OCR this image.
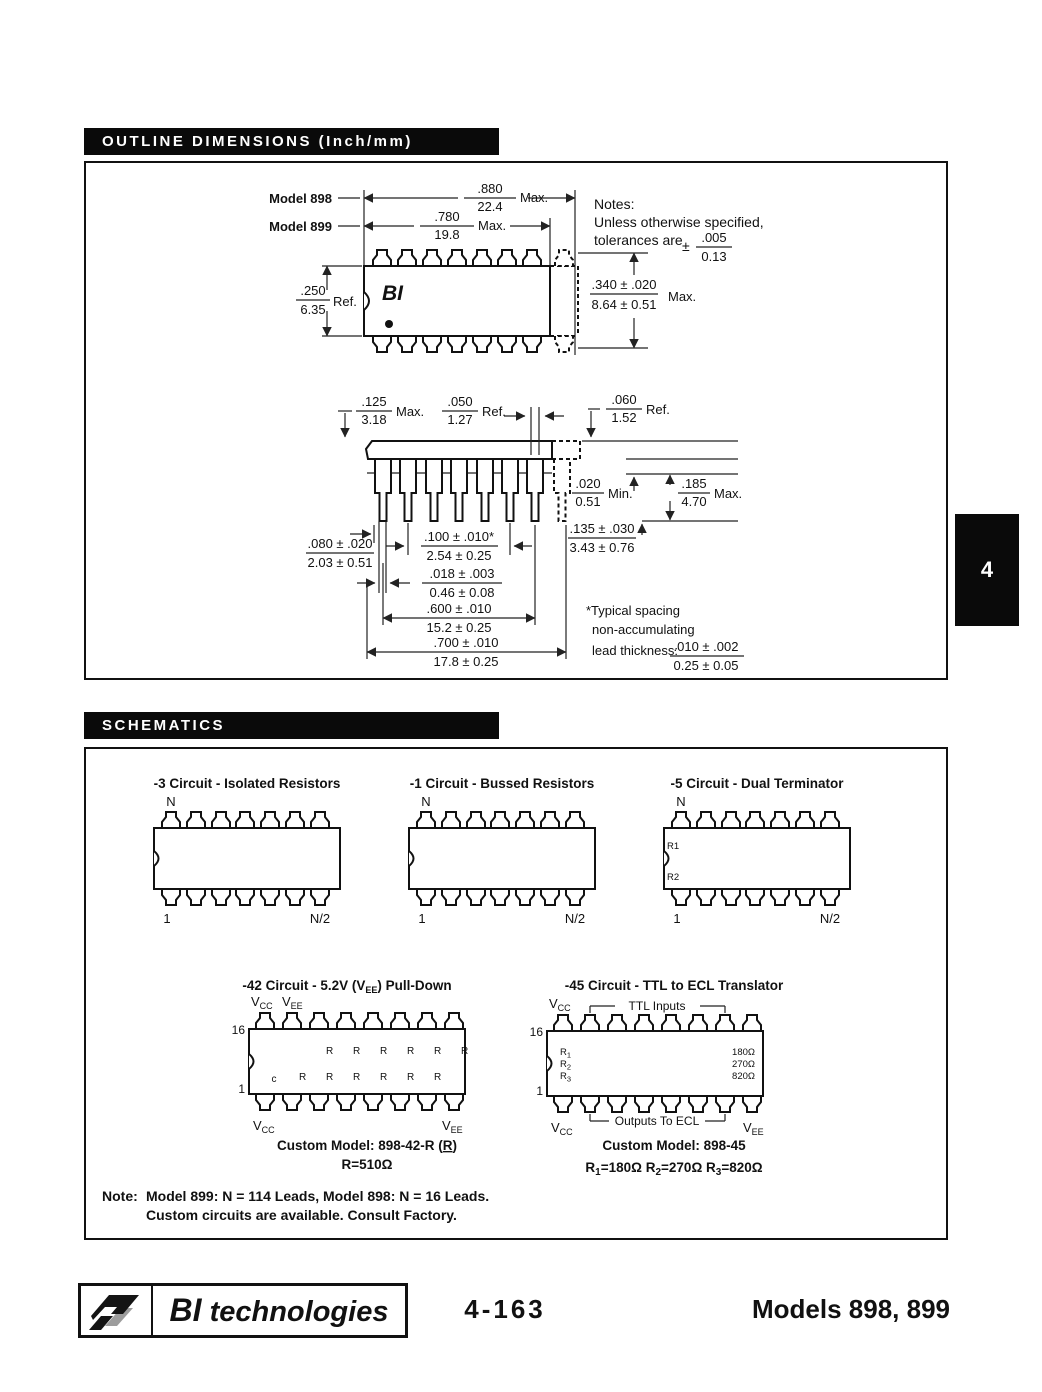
OUTLINE DIMENSIONS (Inch/mm)
Model 898
Model 899
.880
22.4
Max.
.780
19.8
Max.
BI
Notes:
Unless otherwise specified,
tolerances are ±
.005
0.13
.250
6.35
Ref.
.340 ± .020
8.64 ± 0.51
Max.
.125
3.18
Max.
.050
1.27
Ref.
.060
1.52
Ref.
.020
0.51
Min.
.185
4.70
Max.
.135 ± .030
3.43 ± 0.76
.080 ± .020
2.03 ± 0.51
.100 ± .010*
2.54 ± 0.25
.018 ± .003
0.46 ± 0.08
.600 ± .010
15.2 ± 0.25
.700 ± .010
17.8 ± 0.25
*Typical spacing
non-accumulating
lead thickness:
.010 ± .002
0.25 ± 0.05
4
SCHEMATICS
-3 Circuit - Isolated Resistors	-1 Circuit - Bussed Resistors	-5 Circuit - Dual Terminator
N
1	N/2
N
1	N/2
R1
R2
N
1	N/2
-42 Circuit - 5.2V $(V_{EE})$ Pull-Down	-45 Circuit - TTL to ECL Translator
c R
R R R R R R
R R R R R
16
1
VCC VEE
VCC	VEE
Custom Model: 898-42-R (R)
R=510Ω
TTL Inputs
Outputs To ECL
$R_1$
$R_2$
$R_3$
180Ω
270Ω
820Ω
16
1
VCC
VCC	VEE
Custom Model: 898-45
$R_1=180\Omega$ $R_2=270\Omega$ $R_3=820\Omega$
Note: Model 899: N = 114 Leads, Model 898: N = 16 Leads.
Custom circuits are available. Consult Factory.
BI technologies	4-163	Models 898, 899
